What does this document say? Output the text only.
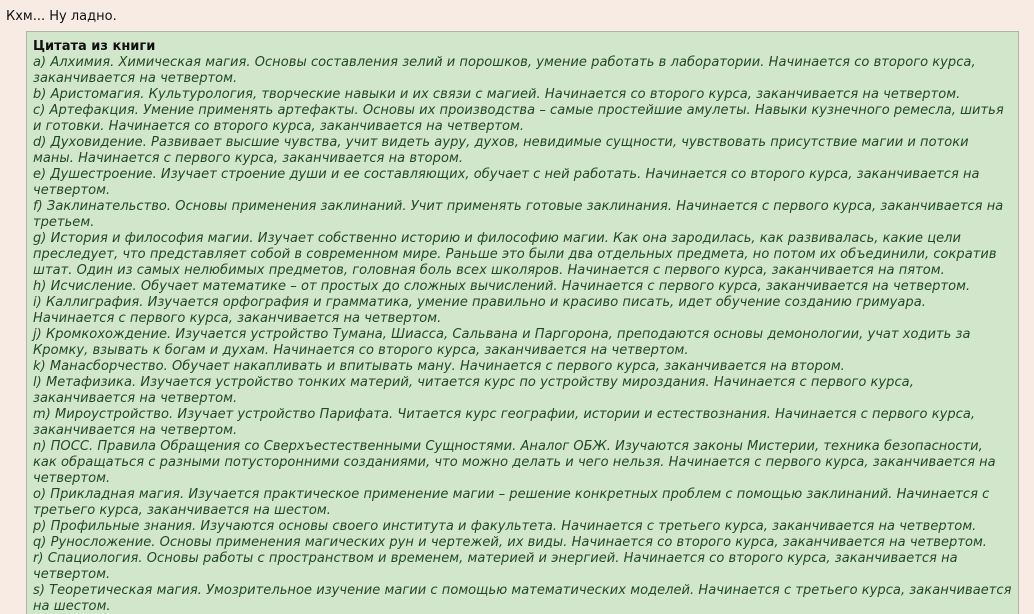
Кхм... Ну ладно.
Цитата из книги
a) Алхимия. Химическая магия. Основы составления зелий и порошков, умение работать в лаборатории. Начинается со второго курса,
заканчивается на четвертом.
b) Аристомагия. Культурология, творческие навыки и их связи с магией. Начинается со второго курса, заканчивается на четвертом.
c) Артефакция. Умение применять артефакты. Основы их производства – самые простейшие амулеты. Навыки кузнечного ремесла, шитья
и готовки. Начинается со второго курса, заканчивается на четвертом.
d) Духовидение. Развивает высшие чувства, учит видеть ауру, духов, невидимые сущности, чувствовать присутствие магии и потоки
маны. Начинается с первого курса, заканчивается на втором.
e) Душестроение. Изучает строение души и ее составляющих, обучает с ней работать. Начинается со второго курса, заканчивается на
четвертом.
f) Заклинательство. Основы применения заклинаний. Учит применять готовые заклинания. Начинается с первого курса, заканчивается на
третьем.
g) История и философия магии. Изучает собственно историю и философию магии. Как она зародилась, как развивалась, какие цели
преследует, что представляет собой в современном мире. Раньше это были два отдельных предмета, но потом их объединили, сократив
штат. Один из самых нелюбимых предметов, головная боль всех школяров. Начинается с первого курса, заканчивается на пятом.
h) Исчисление. Обучает математике – от простых до сложных вычислений. Начинается с первого курса, заканчивается на четвертом.
i) Каллиграфия. Изучается орфография и грамматика, умение правильно и красиво писать, идет обучение созданию гримуара.
Начинается с первого курса, заканчивается на четвертом.
j) Кромкохождение. Изучается устройство Тумана, Шиасса, Сальвана и Паргорона, преподаются основы демонологии, учат ходить за
Кромку, взывать к богам и духам. Начинается со второго курса, заканчивается на четвертом.
k) Манасборчество. Обучает накапливать и впитывать ману. Начинается с первого курса, заканчивается на втором.
l) Метафизика. Изучается устройство тонких материй, читается курс по устройству мироздания. Начинается с первого курса,
заканчивается на четвертом.
m) Мироустройство. Изучает устройство Парифата. Читается курс географии, истории и естествознания. Начинается с первого курса,
заканчивается на четвертом.
n) ПОСС. Правила Обращения со Сверхъестественными Сущностями. Аналог ОБЖ. Изучаются законы Мистерии, техника безопасности,
как обращаться с разными потусторонними созданиями, что можно делать и чего нельзя. Начинается с первого курса, заканчивается на
четвертом.
o) Прикладная магия. Изучается практическое применение магии – решение конкретных проблем с помощью заклинаний. Начинается с
третьего курса, заканчивается на шестом.
p) Профильные знания. Изучаются основы своего института и факультета. Начинается с третьего курса, заканчивается на четвертом.
q) Руносложение. Основы применения магических рун и чертежей, их виды. Начинается со второго курса, заканчивается на четвертом.
r) Спациология. Основы работы с пространством и временем, материей и энергией. Начинается со второго курса, заканчивается на
четвертом.
s) Теоретическая магия. Умозрительное изучение магии с помощью математических моделей. Начинается с третьего курса, заканчивается
на шестом.
